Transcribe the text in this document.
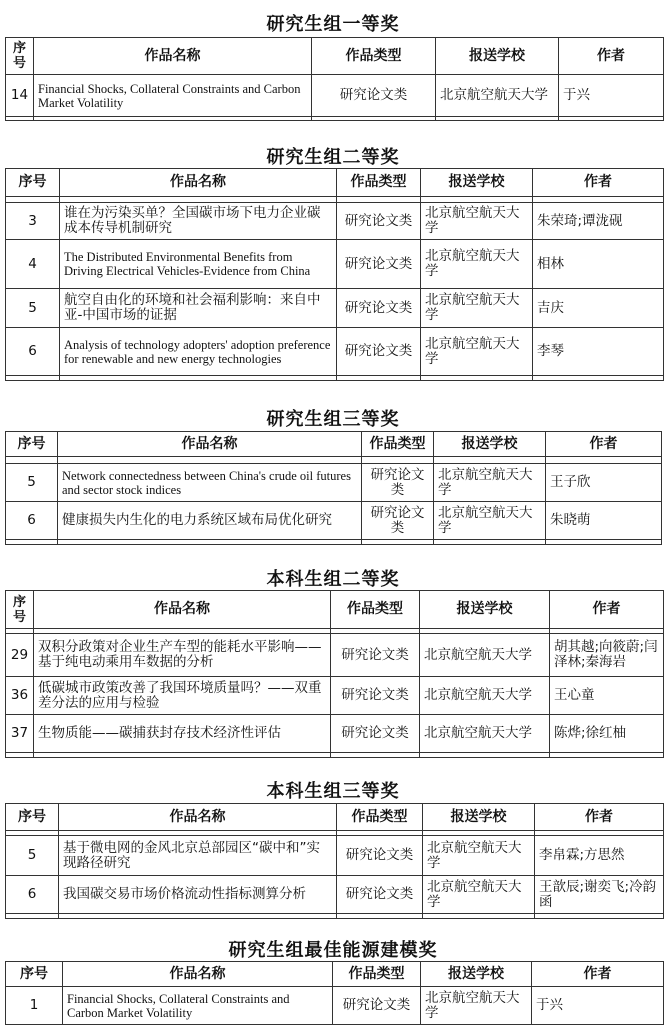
研究生组一等奖
序号	作品名称	作品类型	报送学校	作者
14	Financial Shocks, Collateral Constraints and Carbon Market Volatility	研究论文类	北京航空航天大学	于兴

研究生组二等奖
序号	作品名称	作品类型	报送学校	作者

3	谁在为污染买单？全国碳市场下电力企业碳成本传导机制研究	研究论文类	北京航空航天大学	朱荣琦;谭泷砚
4	The Distributed Environmental Benefits from Driving Electrical Vehicles-Evidence from China	研究论文类	北京航空航天大学	相林
5	航空自由化的环境和社会福利影响：来自中亚-中国市场的证据	研究论文类	北京航空航天大学	吉庆
6	Analysis of technology adopters' adoption preference for renewable and new energy technologies	研究论文类	北京航空航天大学	李琴

研究生组三等奖
序号	作品名称	作品类型	报送学校	作者

5	Network connectedness between China's crude oil futures and sector stock indices	研究论文类	北京航空航天大学	王子欣
6	健康损失内生化的电力系统区域布局优化研究	研究论文类	北京航空航天大学	朱晓萌

本科生组二等奖
序号	作品名称	作品类型	报送学校	作者

29	双积分政策对企业生产车型的能耗水平影响——基于纯电动乘用车数据的分析	研究论文类	北京航空航天大学	胡其越;向筱蔚;闫泽林;秦海岩
36	低碳城市政策改善了我国环境质量吗？——双重差分法的应用与检验	研究论文类	北京航空航天大学	王心童
37	生物质能——碳捕获封存技术经济性评估	研究论文类	北京航空航天大学	陈烨;徐红柚

本科生组三等奖
序号	作品名称	作品类型	报送学校	作者

5	基于微电网的金风北京总部园区“碳中和”实现路径研究	研究论文类	北京航空航天大学	李帛霖;方思然
6	我国碳交易市场价格流动性指标测算分析	研究论文类	北京航空航天大学	王歆辰;谢奕飞;冷韵函

研究生组最佳能源建模奖
序号	作品名称	作品类型	报送学校	作者
1	Financial Shocks, Collateral Constraints and Carbon Market Volatility	研究论文类	北京航空航天大学	于兴
